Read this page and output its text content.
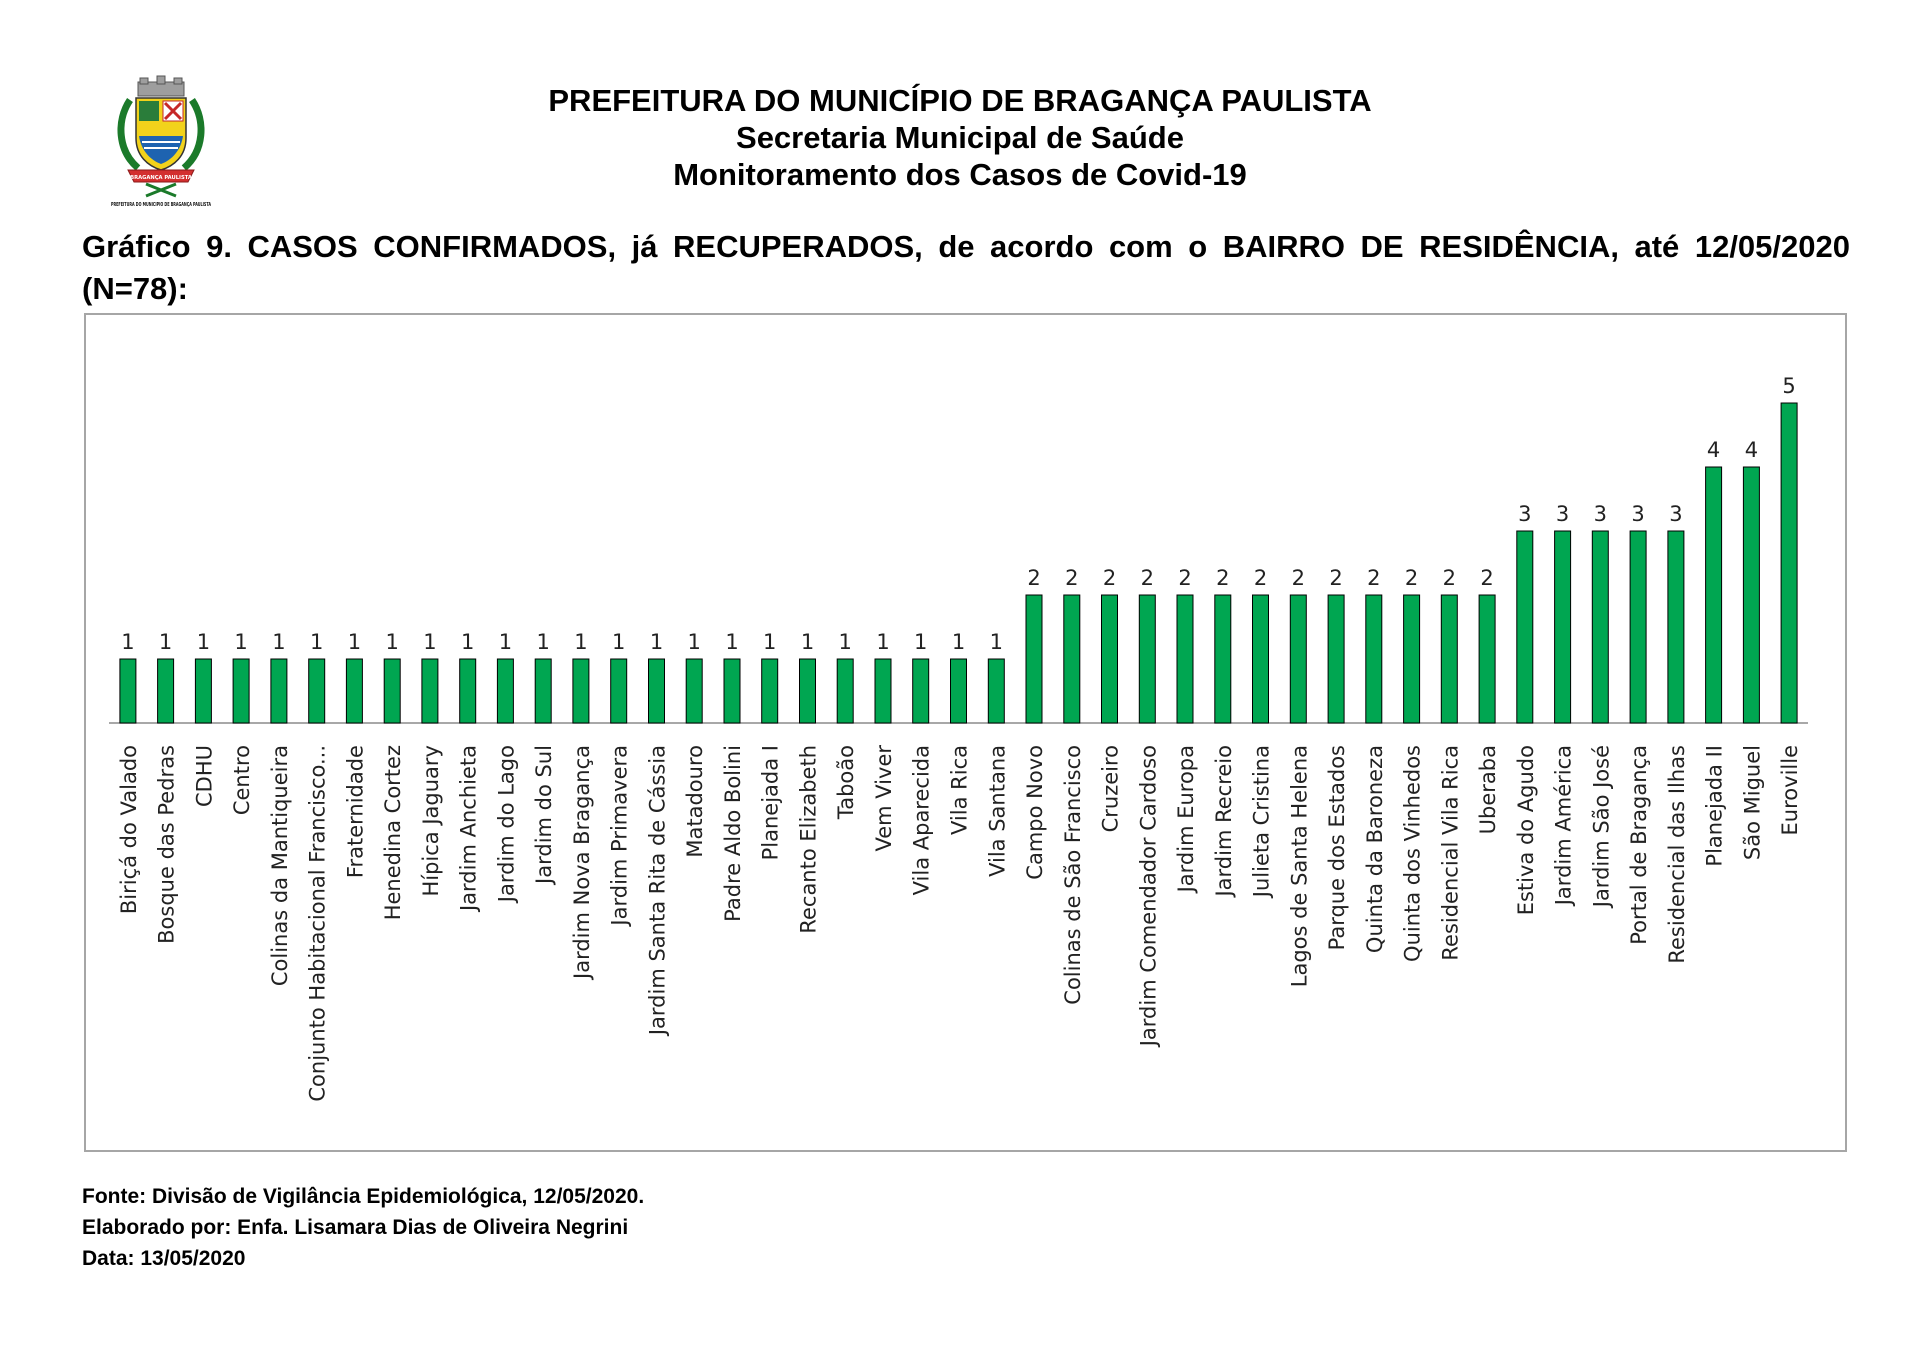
BRAGANÇA PAULISTA
PREFEITURA DO MUNICIPIO DE BRAGANÇA PAULISTA
PREFEITURA DO MUNICÍPIO DE BRAGANÇA PAULISTA
Secretaria Municipal de Saúde
Monitoramento dos Casos de Covid-19
Gráfico 9. CASOS CONFIRMADOS, já RECUPERADOS, de acordo com o BAIRRO DE RESIDÊNCIA, até 12/05/2020 (N=78):
1
Biriçá do Valado
1
Bosque das Pedras
1
CDHU
1
Centro
1
Colinas da Mantiqueira
1
Conjunto Habitacional Francisco...
1
Fraternidade
1
Henedina Cortez
1
Hípica Jaguary
1
Jardim Anchieta
1
Jardim do Lago
1
Jardim do Sul
1
Jardim Nova Bragança
1
Jardim Primavera
1
Jardim Santa Rita de Cássia
1
Matadouro
1
Padre Aldo Bolini
1
Planejada I
1
Recanto Elizabeth
1
Taboão
1
Vem Viver
1
Vila Aparecida
1
Vila Rica
1
Vila Santana
2
Campo Novo
2
Colinas de São Francisco
2
Cruzeiro
2
Jardim Comendador Cardoso
2
Jardim Europa
2
Jardim Recreio
2
Julieta Cristina
2
Lagos de Santa Helena
2
Parque dos Estados
2
Quinta da Baroneza
2
Quinta dos Vinhedos
2
Residencial Vila Rica
2
Uberaba
3
Estiva do Agudo
3
Jardim América
3
Jardim São José
3
Portal de Bragança
3
Residencial das Ilhas
4
Planejada II
4
São Miguel
5
Euroville
Fonte: Divisão de Vigilância Epidemiológica, 12/05/2020.
Elaborado por: Enfa. Lisamara Dias de Oliveira Negrini
Data: 13/05/2020
